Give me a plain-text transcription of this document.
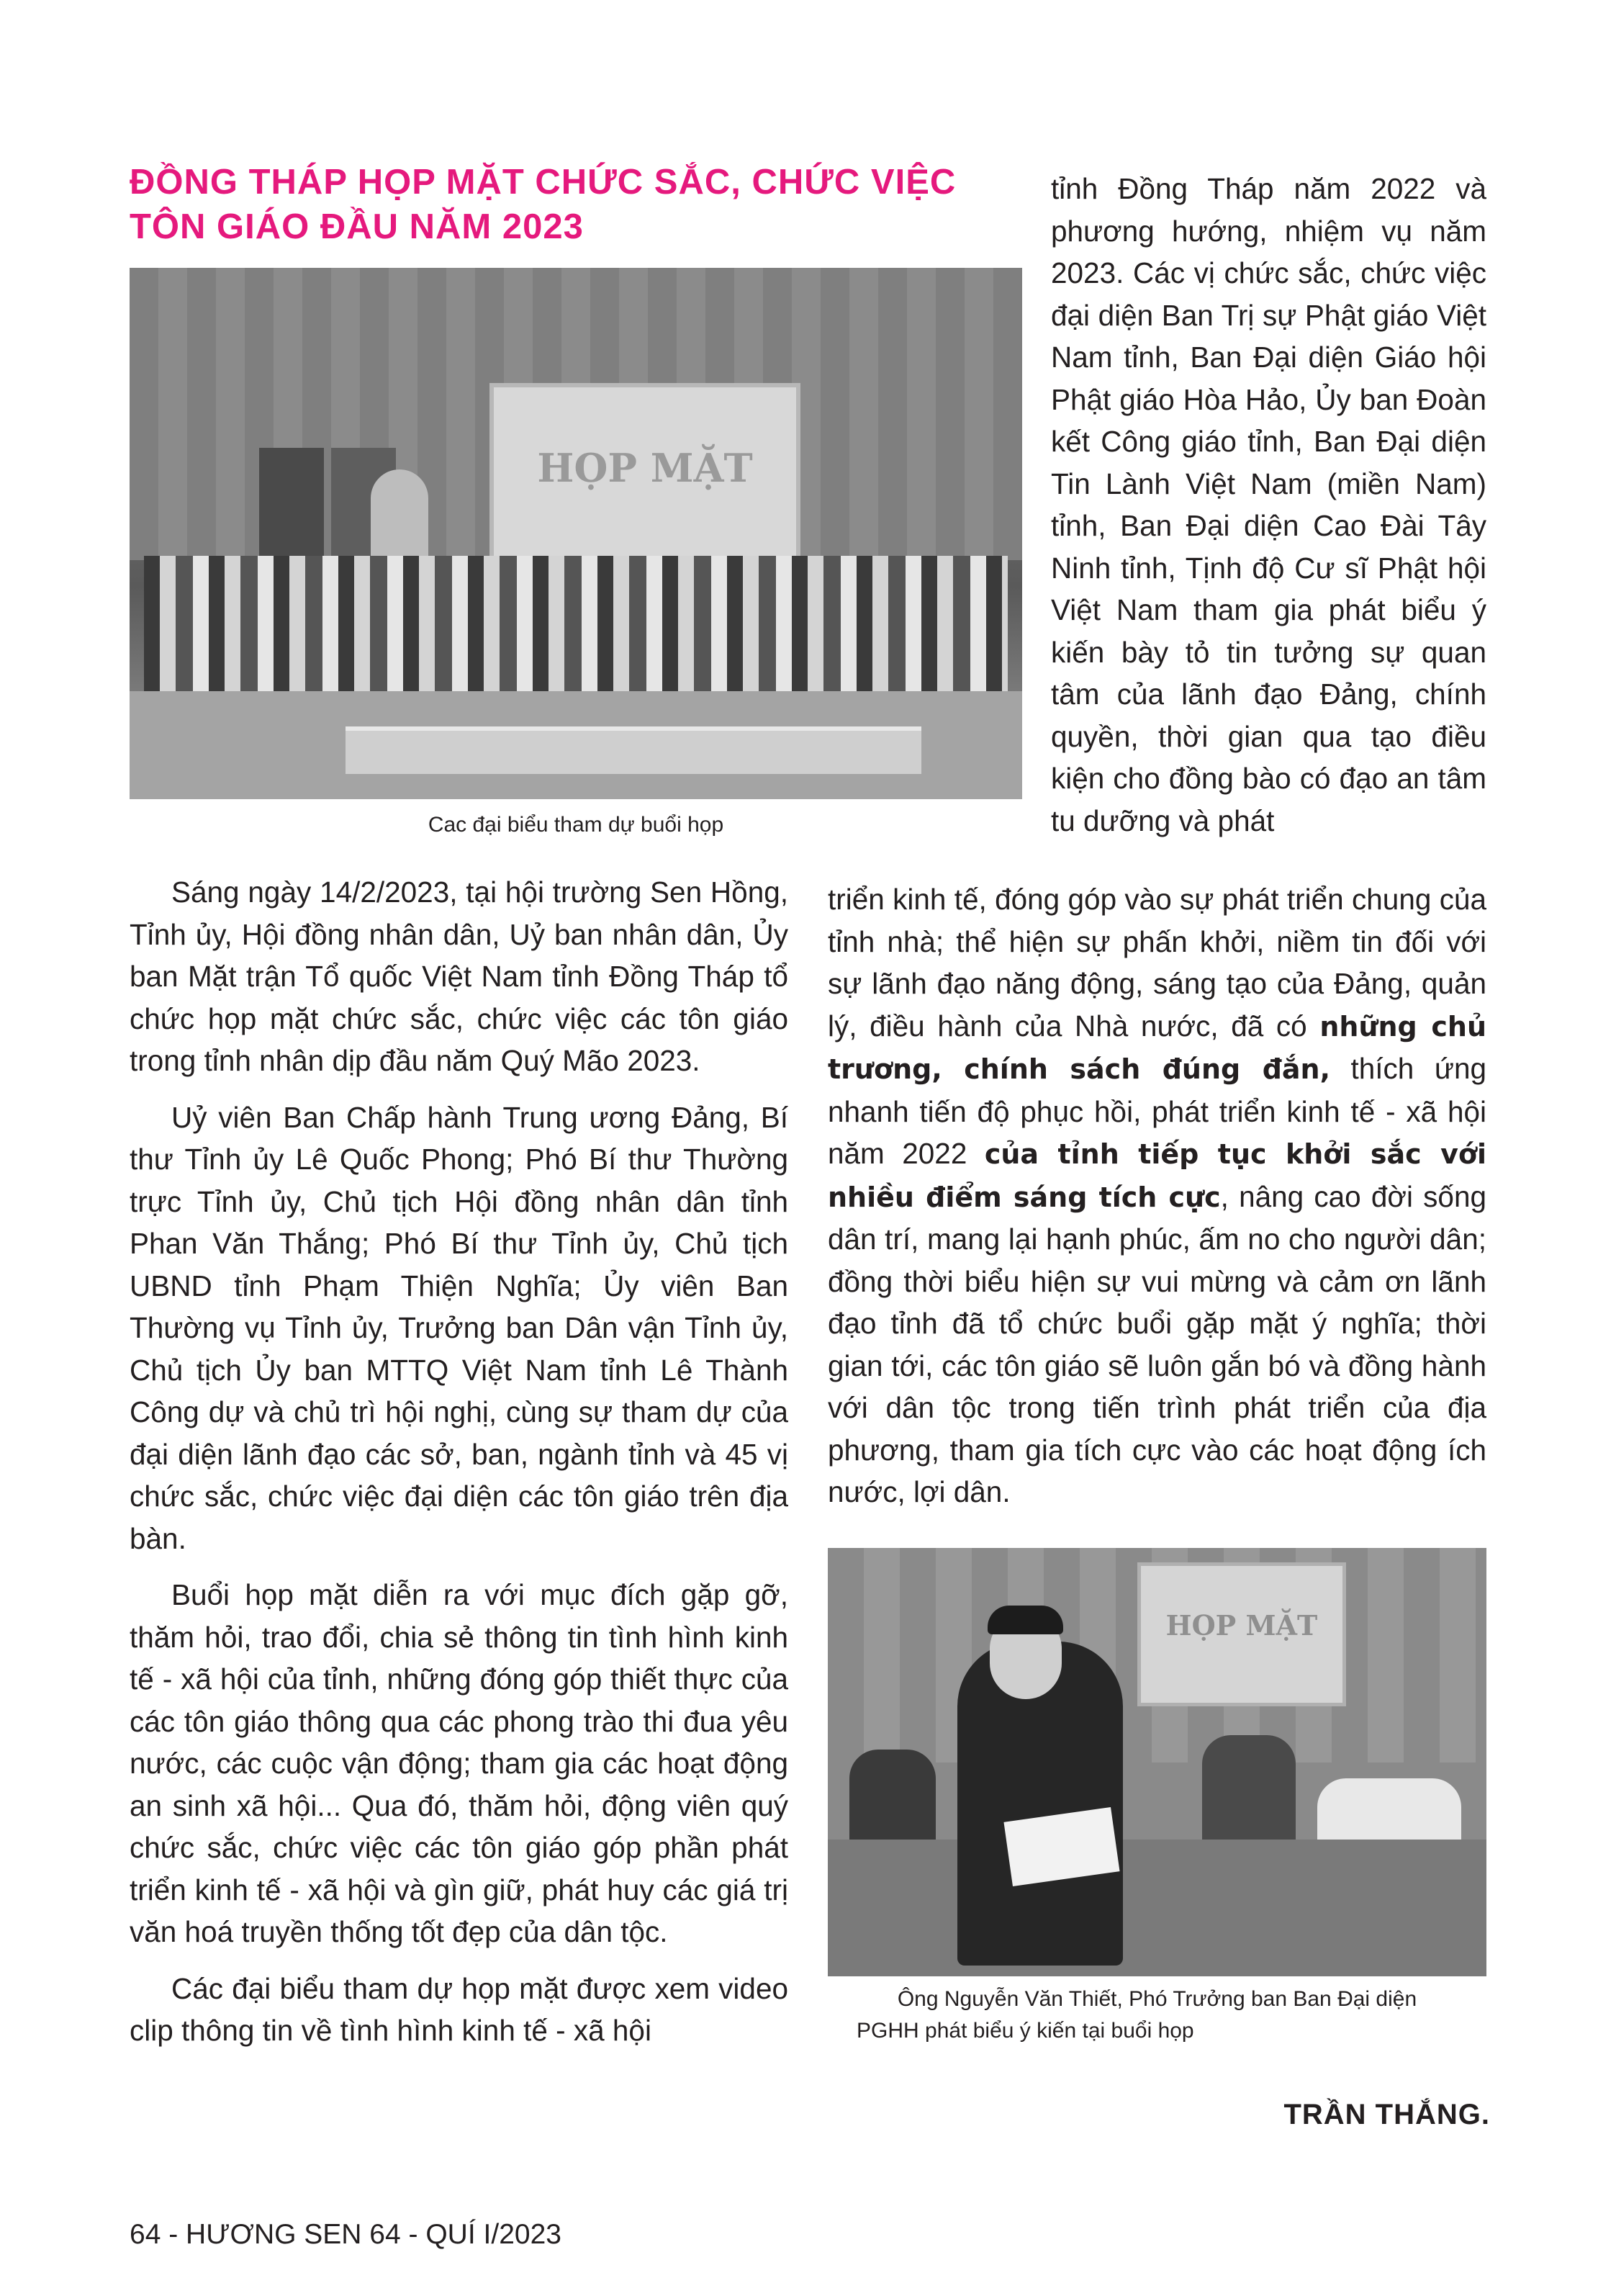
ĐỒNG THÁP HỌP MẶT CHỨC SẮC, CHỨC VIỆC
TÔN GIÁO ĐẦU NĂM 2023
HỌP MẶT
Cac đại biểu tham dự buổi họp

Sáng ngày 14/2/2023, tại hội trường Sen Hồng, Tỉnh ủy, Hội đồng nhân dân, Uỷ ban nhân dân, Ủy ban Mặt trận Tổ quốc Việt Nam tỉnh Đồng Tháp tổ chức họp mặt chức sắc, chức việc các tôn giáo trong tỉnh nhân dịp đầu năm Quý Mão 2023.

Uỷ viên Ban Chấp hành Trung ương Đảng, Bí thư Tỉnh ủy Lê Quốc Phong; Phó Bí thư Thường trực Tỉnh ủy, Chủ tịch Hội đồng nhân dân tỉnh Phan Văn Thắng; Phó Bí thư Tỉnh ủy, Chủ tịch UBND tỉnh Phạm Thiện Nghĩa; Ủy viên Ban Thường vụ Tỉnh ủy, Trưởng ban Dân vận Tỉnh ủy, Chủ tịch Ủy ban MTTQ Việt Nam tỉnh Lê Thành Công dự và chủ trì hội nghị, cùng sự tham dự của đại diện lãnh đạo các sở, ban, ngành tỉnh và 45 vị chức sắc, chức việc đại diện các tôn giáo trên địa bàn.

Buổi họp mặt diễn ra với mục đích gặp gỡ, thăm hỏi, trao đổi, chia sẻ thông tin tình hình kinh tế - xã hội của tỉnh, những đóng góp thiết thực của các tôn giáo thông qua các phong trào thi đua yêu nước, các cuộc vận động; tham gia các hoạt động an sinh xã hội... Qua đó, thăm hỏi, động viên quý chức sắc, chức việc các tôn giáo góp phần phát triển kinh tế - xã hội và gìn giữ, phát huy các giá trị văn hoá truyền thống tốt đẹp của dân tộc.

Các đại biểu tham dự họp mặt được xem video clip thông tin về tình hình kinh tế - xã hội

tỉnh Đồng Tháp năm 2022 và phương hướng, nhiệm vụ năm 2023. Các vị chức sắc, chức việc đại diện Ban Trị sự Phật giáo Việt Nam tỉnh, Ban Đại diện Giáo hội Phật giáo Hòa Hảo, Ủy ban Đoàn kết Công giáo tỉnh, Ban Đại diện Tin Lành Việt Nam (miền Nam) tỉnh, Ban Đại diện Cao Đài Tây Ninh tỉnh, Tịnh độ Cư sĩ Phật hội Việt Nam tham gia phát biểu ý kiến bày tỏ tin tưởng sự quan tâm của lãnh đạo Đảng, chính quyền, thời gian qua tạo điều kiện cho đồng bào có đạo an tâm tu dưỡng và phát
triển kinh tế, đóng góp vào sự phát triển chung của tỉnh nhà; thể hiện sự phấn khởi, niềm tin đối với sự lãnh đạo năng động, sáng tạo của Đảng, quản lý, điều hành của Nhà nước, đã có những chủ trương, chính sách đúng đắn, thích ứng nhanh tiến độ phục hồi, phát triển kinh tế - xã hội năm 2022 của tỉnh tiếp tục khởi sắc với nhiều điểm sáng tích cực, nâng cao đời sống dân trí, mang lại hạnh phúc, ấm no cho người dân; đồng thời biểu hiện sự vui mừng và cảm ơn lãnh đạo tỉnh đã tổ chức buổi gặp mặt ý nghĩa; thời gian tới, các tôn giáo sẽ luôn gắn bó và đồng hành với dân tộc trong tiến trình phát triển của địa phương, tham gia tích cực vào các hoạt động ích nước, lợi dân.
HỌP MẶT
Ông Nguyễn Văn Thiết, Phó Trưởng ban Ban Đại diện
PGHH phát biểu ý kiến tại buổi họp
TRẦN THẮNG.
64 - HƯƠNG SEN 64 - QUÍ I/2023
